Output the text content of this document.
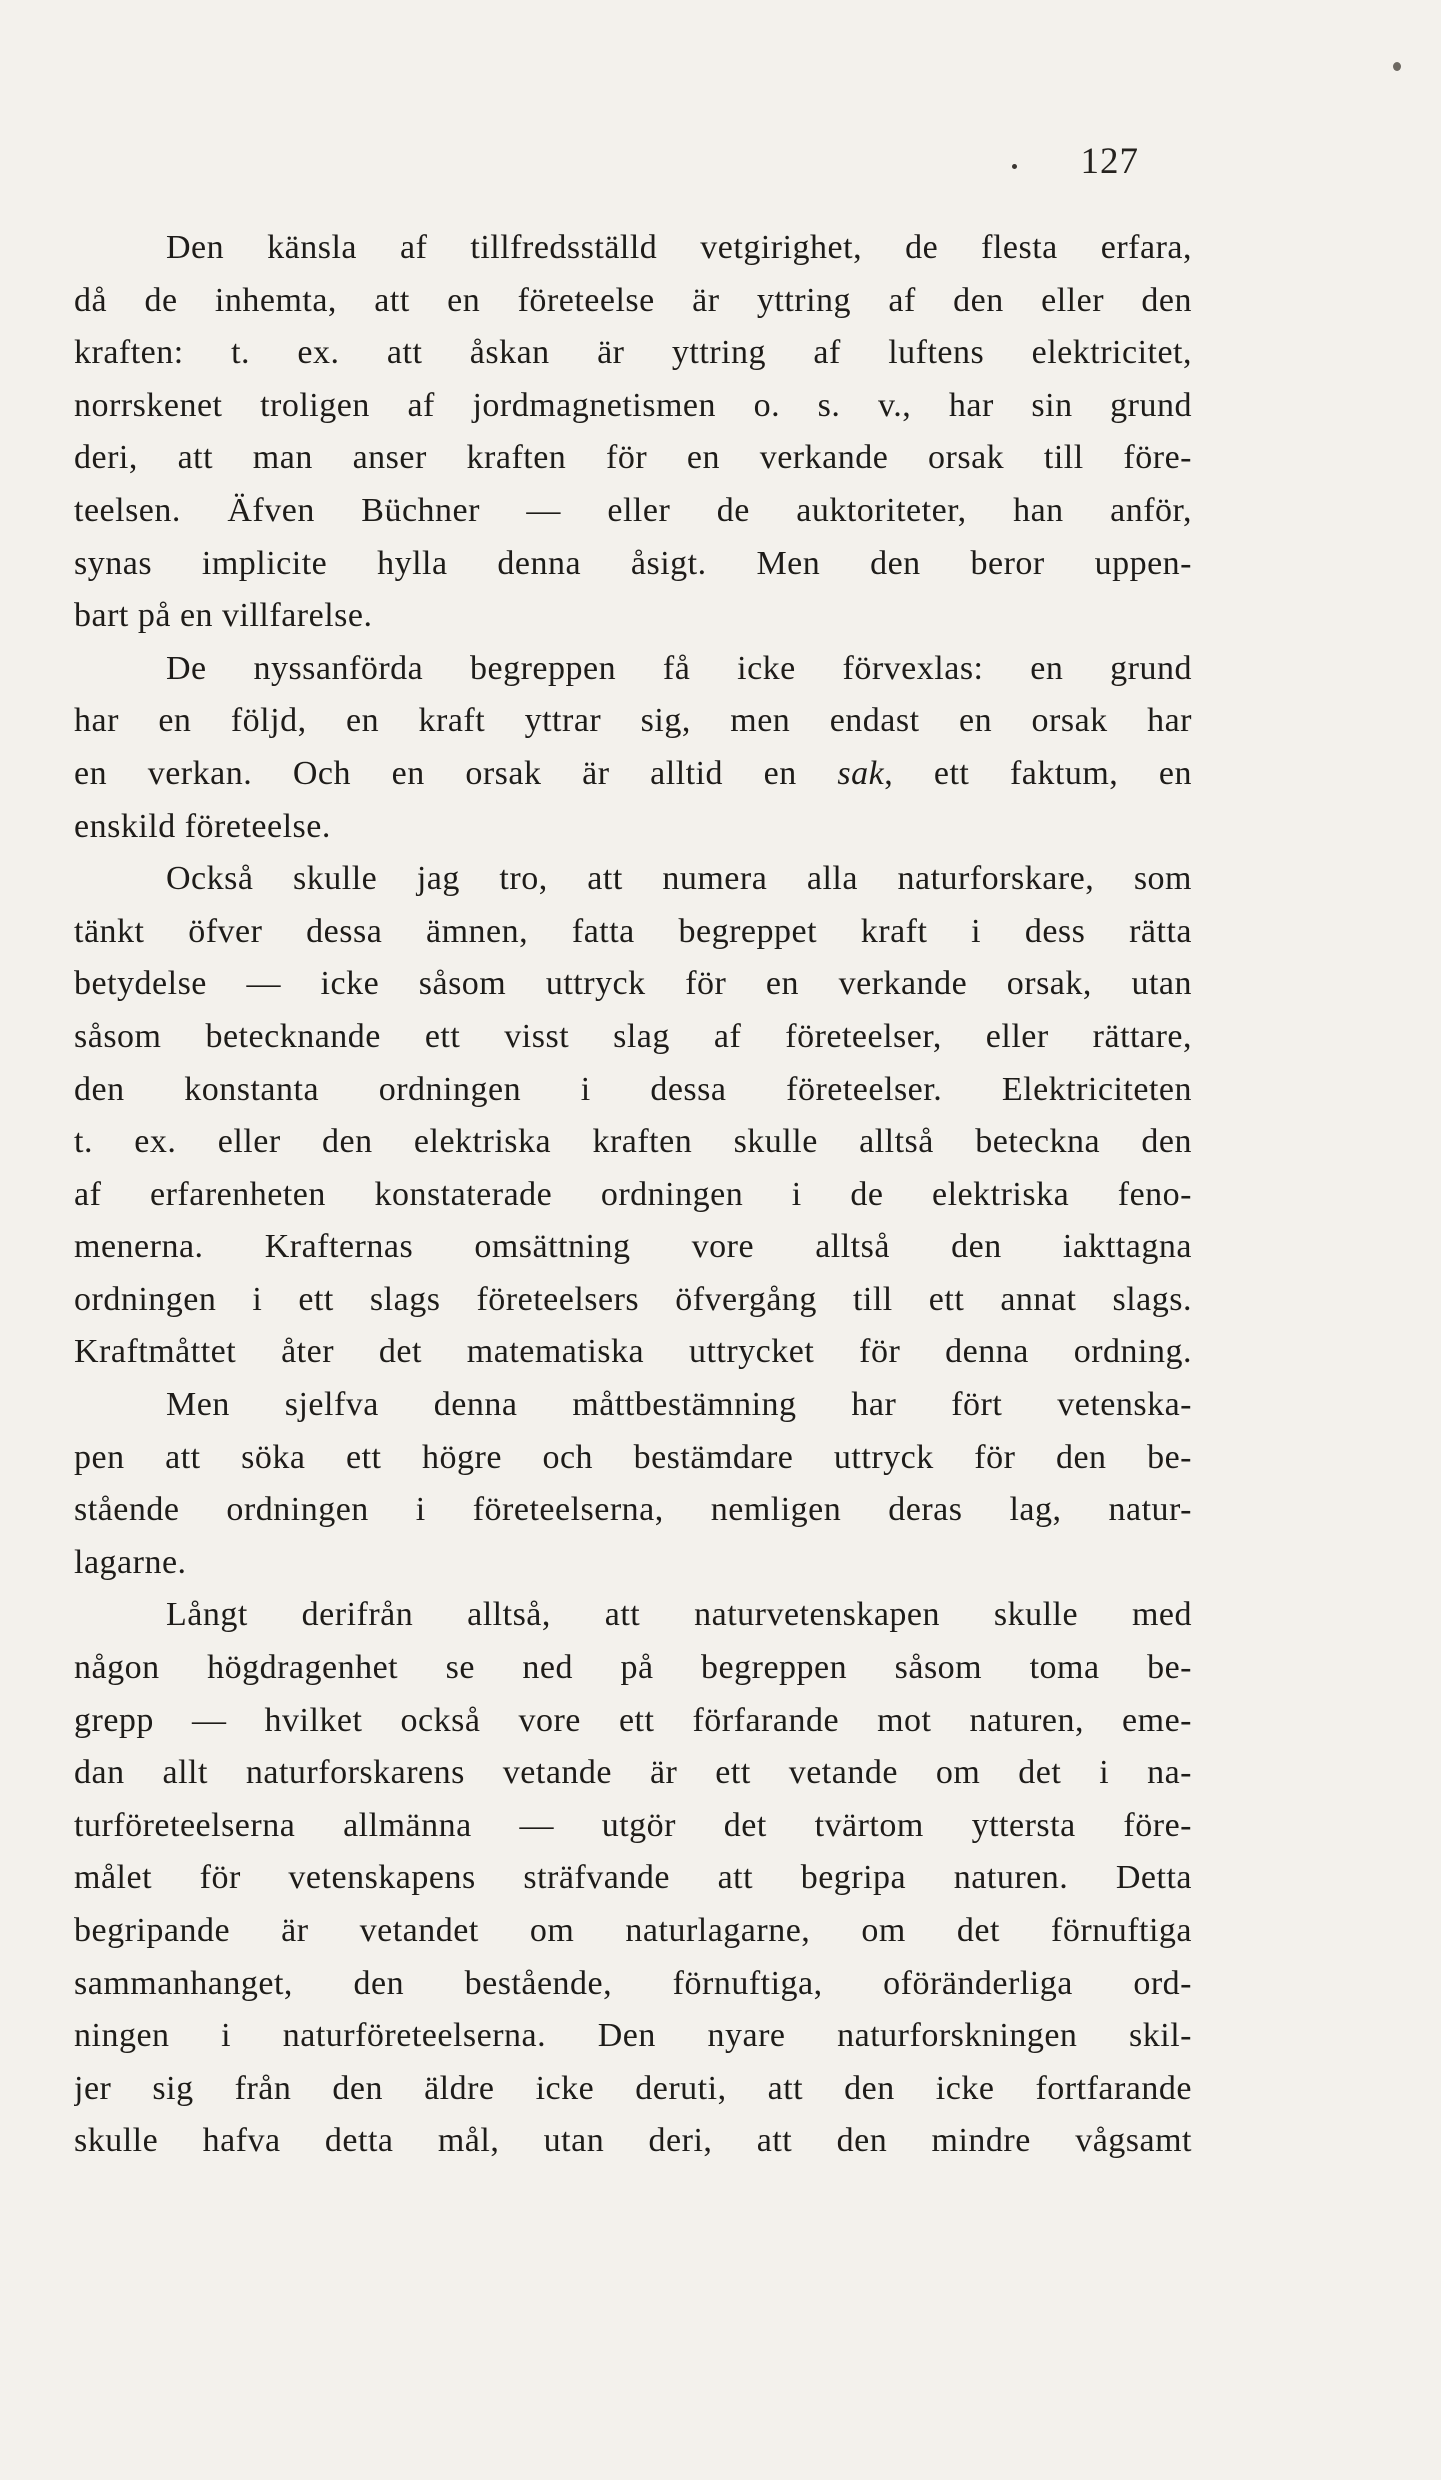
127
Den känsla af tillfredsställd vetgirighet, de flesta erfara,
då de inhemta, att en företeelse är yttring af den eller den
kraften: t. ex. att åskan är yttring af luftens elektricitet,
norrskenet troligen af jordmagnetismen o. s. v., har sin grund
deri, att man anser kraften för en verkande orsak till före-
teelsen. Äfven Büchner — eller de auktoriteter, han anför,
synas implicite hylla denna åsigt. Men den beror uppen-
bart på en villfarelse.
De nyssanförda begreppen få icke förvexlas: en grund
har en följd, en kraft yttrar sig, men endast en orsak har
en verkan. Och en orsak är alltid en sak, ett faktum, en
enskild företeelse.
Också skulle jag tro, att numera alla naturforskare, som
tänkt öfver dessa ämnen, fatta begreppet kraft i dess rätta
betydelse — icke såsom uttryck för en verkande orsak, utan
såsom betecknande ett visst slag af företeelser, eller rättare,
den konstanta ordningen i dessa företeelser. Elektriciteten
t. ex. eller den elektriska kraften skulle alltså beteckna den
af erfarenheten konstaterade ordningen i de elektriska feno-
menerna. Krafternas omsättning vore alltså den iakttagna
ordningen i ett slags företeelsers öfvergång till ett annat slags.
Kraftmåttet åter det matematiska uttrycket för denna ordning.
Men sjelfva denna måttbestämning har fört vetenska-
pen att söka ett högre och bestämdare uttryck för den be-
stående ordningen i företeelserna, nemligen deras lag, natur-
lagarne.
Långt derifrån alltså, att naturvetenskapen skulle med
någon högdragenhet se ned på begreppen såsom toma be-
grepp — hvilket också vore ett förfarande mot naturen, eme-
dan allt naturforskarens vetande är ett vetande om det i na-
turföreteelserna allmänna — utgör det tvärtom yttersta före-
målet för vetenskapens sträfvande att begripa naturen. Detta
begripande är vetandet om naturlagarne, om det förnuftiga
sammanhanget, den bestående, förnuftiga, oföränderliga ord-
ningen i naturföreteelserna. Den nyare naturforskningen skil-
jer sig från den äldre icke deruti, att den icke fortfarande
skulle hafva detta mål, utan deri, att den mindre vågsamt
